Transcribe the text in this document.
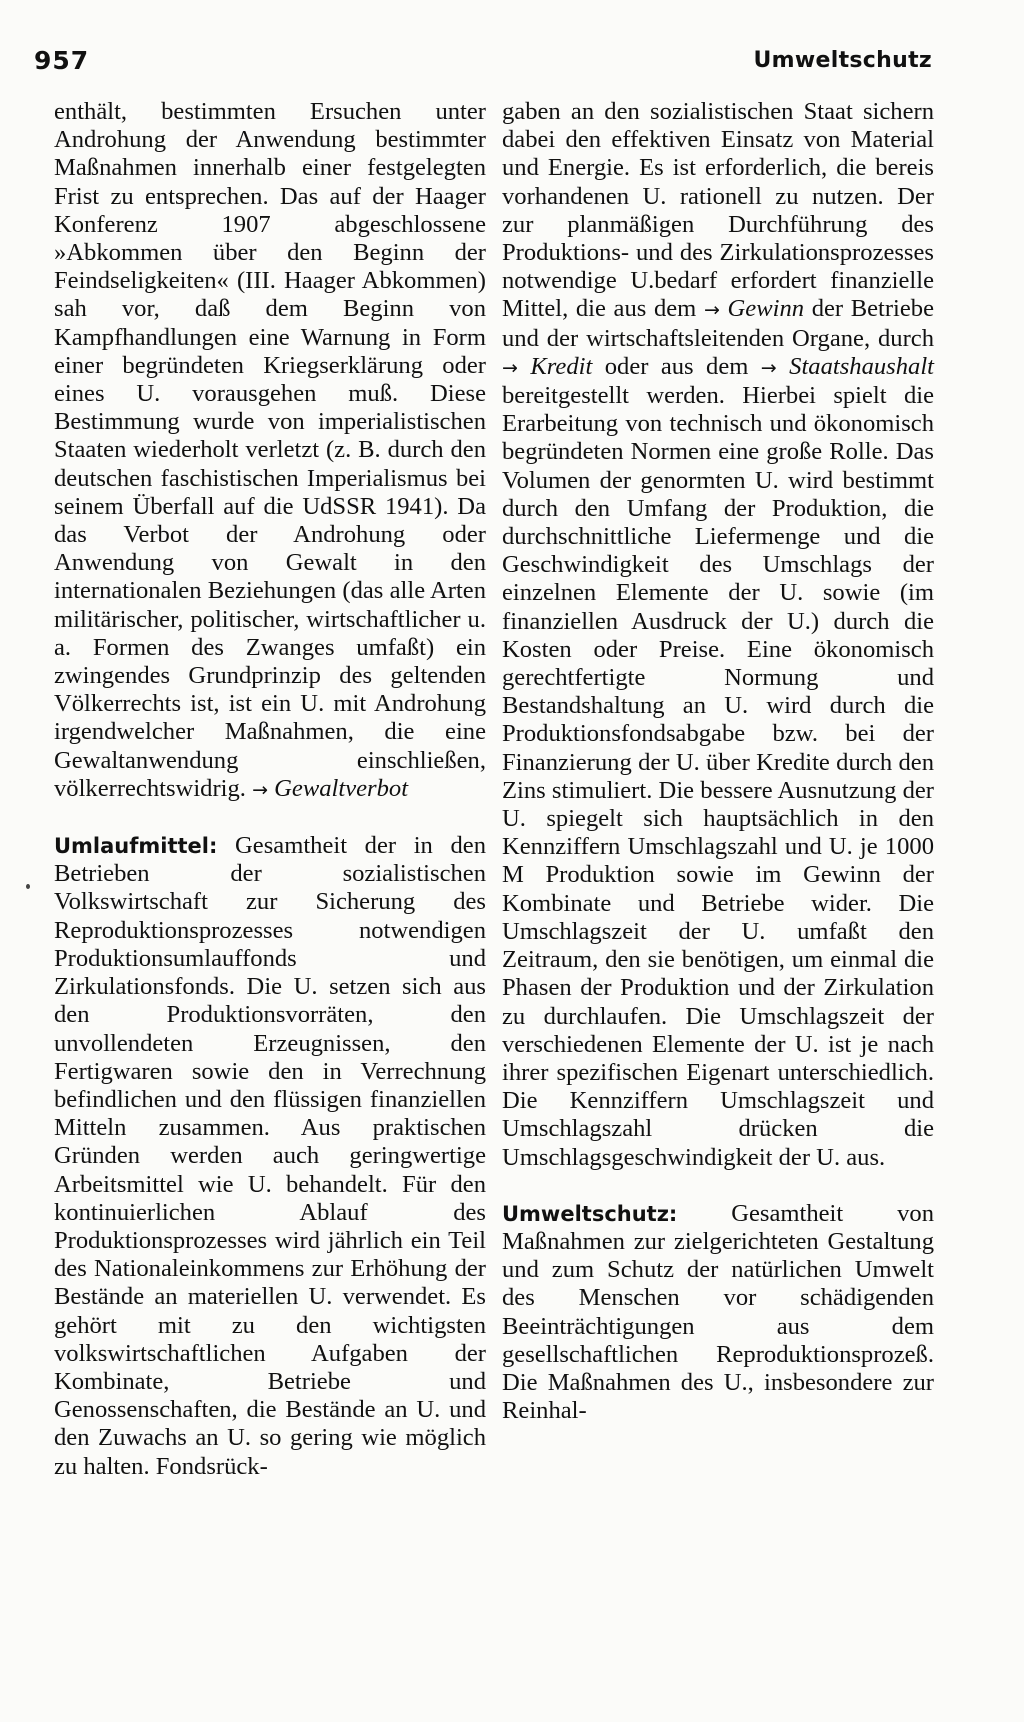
957	Umweltschutz

enthält, bestimmten Ersuchen unter Androhung der Anwendung bestimmter Maßnahmen innerhalb einer festgelegten Frist zu entsprechen. Das auf der Haager Konferenz 1907 abgeschlossene »Abkommen über den Beginn der Feindseligkeiten« (III. Haager Abkommen) sah vor, daß dem Beginn von Kampfhandlungen eine Warnung in Form einer begründeten Kriegserklärung oder eines U. vorausgehen muß. Diese Bestimmung wurde von imperialistischen Staaten wiederholt verletzt (z. B. durch den deutschen faschistischen Imperialismus bei seinem Überfall auf die UdSSR 1941). Da das Verbot der Androhung oder Anwendung von Gewalt in den internationalen Beziehungen (das alle Arten militärischer, politischer, wirtschaftlicher u. a. Formen des Zwanges umfaßt) ein zwingendes Grundprinzip des geltenden Völkerrechts ist, ist ein U. mit Androhung irgendwelcher Maßnahmen, die eine Gewaltanwendung einschließen, völkerrechtswidrig. → Gewaltverbot

Umlaufmittel: Gesamtheit der in den Betrieben der sozialistischen Volkswirtschaft zur Sicherung des Reproduktionsprozesses notwendigen Produktionsumlauffonds und Zirkulationsfonds. Die U. setzen sich aus den Produktionsvorräten, den unvollendeten Erzeugnissen, den Fertigwaren sowie den in Verrechnung befindlichen und den flüssigen finanziellen Mitteln zusammen. Aus praktischen Gründen werden auch geringwertige Arbeitsmittel wie U. behandelt. Für den kontinuierlichen Ablauf des Produktionsprozesses wird jährlich ein Teil des Nationaleinkommens zur Erhöhung der Bestände an materiellen U. verwendet. Es gehört mit zu den wichtigsten volkswirtschaftlichen Aufgaben der Kombinate, Betriebe und Genossenschaften, die Bestände an U. und den Zuwachs an U. so gering wie möglich zu halten. Fondsrück-

gaben an den sozialistischen Staat sichern dabei den effektiven Einsatz von Material und Energie. Es ist erforderlich, die bereis vorhandenen U. rationell zu nutzen. Der zur planmäßigen Durchführung des Produktions- und des Zirkulationsprozesses notwendige U.bedarf erfordert finanzielle Mittel, die aus dem → Gewinn der Betriebe und der wirtschaftsleitenden Organe, durch → Kredit oder aus dem → Staatshaushalt bereitgestellt werden. Hierbei spielt die Erarbeitung von technisch und ökonomisch begründeten Normen eine große Rolle. Das Volumen der genormten U. wird bestimmt durch den Umfang der Produktion, die durchschnittliche Liefermenge und die Geschwindigkeit des Umschlags der einzelnen Elemente der U. sowie (im finanziellen Ausdruck der U.) durch die Kosten oder Preise. Eine ökonomisch gerechtfertigte Normung und Bestandshaltung an U. wird durch die Produktionsfondsabgabe bzw. bei der Finanzierung der U. über Kredite durch den Zins stimuliert. Die bessere Ausnutzung der U. spiegelt sich hauptsächlich in den Kennziffern Umschlagszahl und U. je 1000 M Produktion sowie im Gewinn der Kombinate und Betriebe wider. Die Umschlagszeit der U. umfaßt den Zeitraum, den sie benötigen, um einmal die Phasen der Produktion und der Zirkulation zu durchlaufen. Die Umschlagszeit der verschiedenen Elemente der U. ist je nach ihrer spezifischen Eigenart unterschiedlich. Die Kennziffern Umschlagszeit und Umschlagszahl drücken die Umschlagsgeschwindigkeit der U. aus.

Umweltschutz: Gesamtheit von Maßnahmen zur zielgerichteten Gestaltung und zum Schutz der natürlichen Umwelt des Menschen vor schädigenden Beeinträchtigungen aus dem gesellschaftlichen Reproduktionsprozeß. Die Maßnahmen des U., insbesondere zur Reinhal-
